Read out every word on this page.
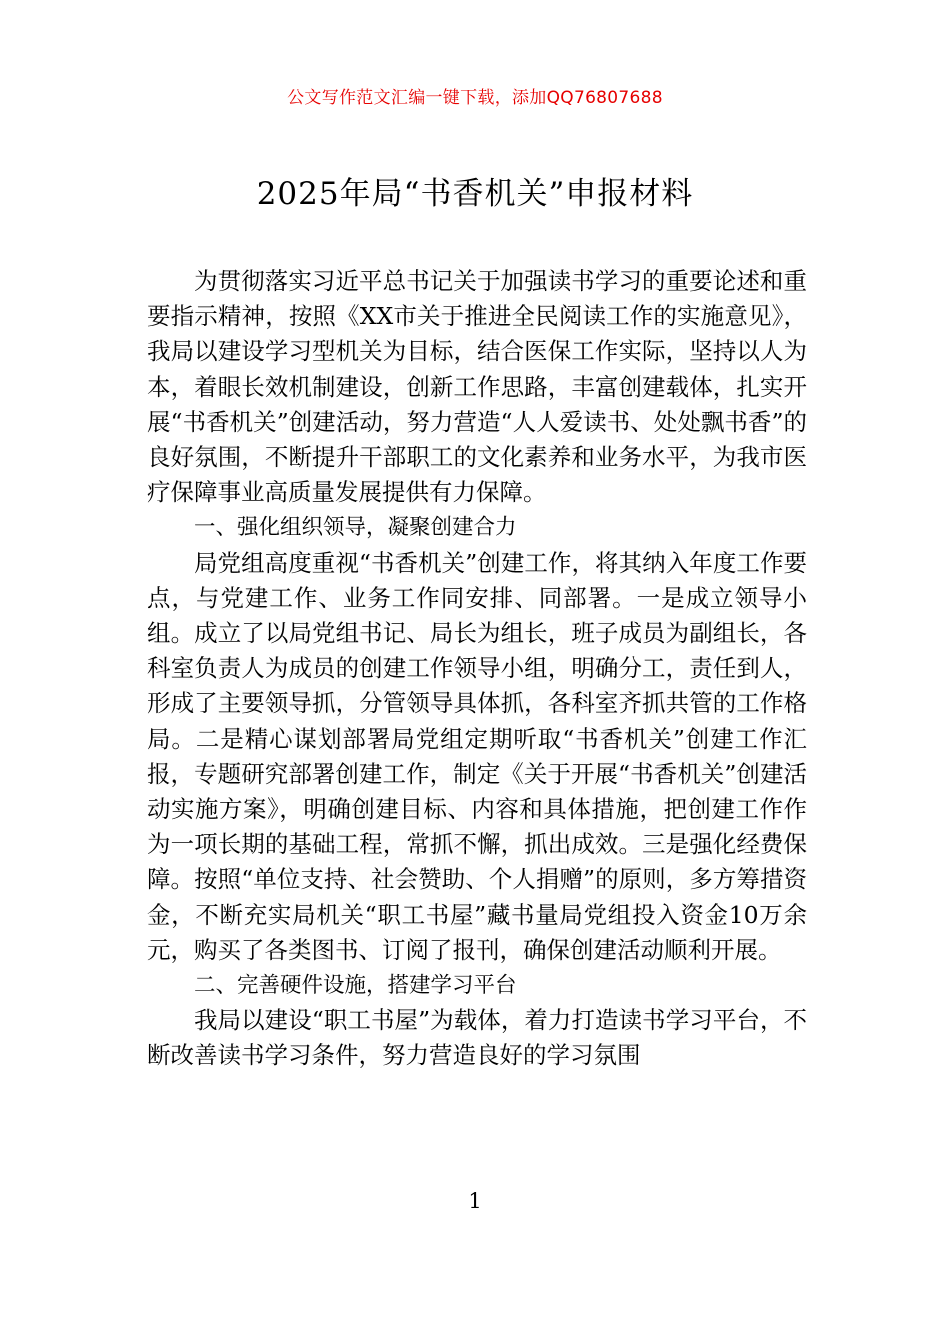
公文写作范文汇编一键下载，添加QQ76807688
2025年局“书香机关”申报材料

为贯彻落实习近平总书记关于加强读书学习的重要论述和重要指示精神，按照《XX市关于推进全民阅读工作的实施意见》，我局以建设学习型机关为目标，结合医保工作实际，坚持以人为本，着眼长效机制建设，创新工作思路，丰富创建载体，扎实开展“书香机关”创建活动，努力营造“人人爱读书、处处飘书香”的良好氛围，不断提升干部职工的文化素养和业务水平，为我市医疗保障事业高质量发展提供有力保障。

一、强化组织领导，凝聚创建合力

局党组高度重视“书香机关”创建工作，将其纳入年度工作要点，与党建工作、业务工作同安排、同部署。一是成立领导小组。成立了以局党组书记、局长为组长，班子成员为副组长，各科室负责人为成员的创建工作领导小组，明确分工，责任到人，形成了主要领导抓，分管领导具体抓，各科室齐抓共管的工作格局。二是精心谋划部署局党组定期听取“书香机关”创建工作汇报，专题研究部署创建工作，制定《关于开展“书香机关”创建活动实施方案》，明确创建目标、内容和具体措施，把创建工作作为一项长期的基础工程，常抓不懈，抓出成效。三是强化经费保障。按照“单位支持、社会赞助、个人捐赠”的原则，多方筹措资金，不断充实局机关“职工书屋”藏书量局党组投入资金10万余元，购买了各类图书、订阅了报刊，确保创建活动顺利开展。

二、完善硬件设施，搭建学习平台

我局以建设“职工书屋”为载体，着力打造读书学习平台，不断改善读书学习条件，努力营造良好的学习氛围

1
